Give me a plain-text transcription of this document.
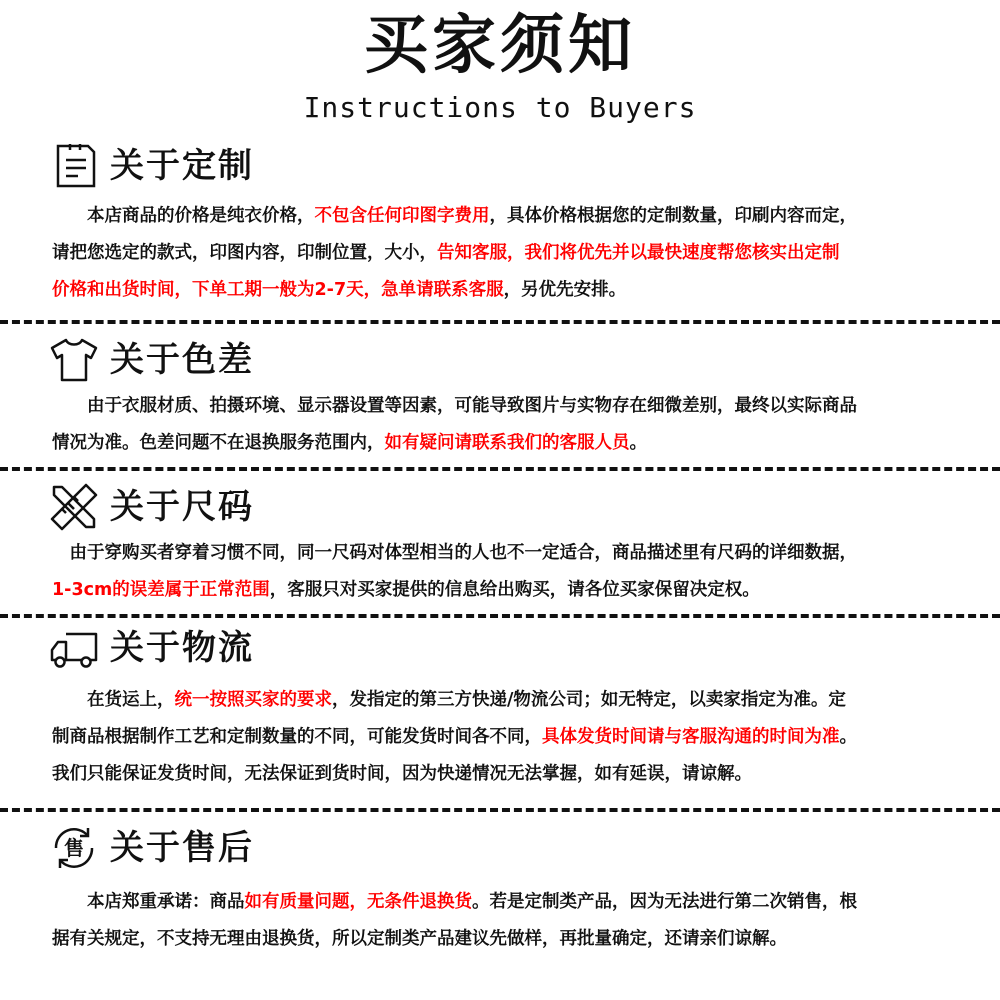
买家须知
Instructions to Buyers
关于定制
　　本店商品的价格是纯衣价格，不包含任何印图字费用，具体价格根据您的定制数量，印刷内容而定，
请把您选定的款式，印图内容，印制位置，大小，告知客服，我们将优先并以最快速度帮您核实出定制
价格和出货时间，下单工期一般为2-7天，急单请联系客服，另优先安排。
关于色差
　　由于衣服材质、拍摄环境、显示器设置等因素，可能导致图片与实物存在细微差别，最终以实际商品
情况为准。色差问题不在退换服务范围内，如有疑问请联系我们的客服人员。
关于尺码
　由于穿购买者穿着习惯不同，同一尺码对体型相当的人也不一定适合，商品描述里有尺码的详细数据，
1-3cm的误差属于正常范围，客服只对买家提供的信息给出购买，请各位买家保留决定权。
关于物流
　　在货运上，统一按照买家的要求，发指定的第三方快递/物流公司；如无特定，以卖家指定为准。定
制商品根据制作工艺和定制数量的不同，可能发货时间各不同，具体发货时间请与客服沟通的时间为准。
我们只能保证发货时间，无法保证到货时间，因为快递情况无法掌握，如有延误，请谅解。
售 关于售后
　　本店郑重承诺：商品如有质量问题，无条件退换货。若是定制类产品，因为无法进行第二次销售，根
据有关规定，不支持无理由退换货，所以定制类产品建议先做样，再批量确定，还请亲们谅解。
